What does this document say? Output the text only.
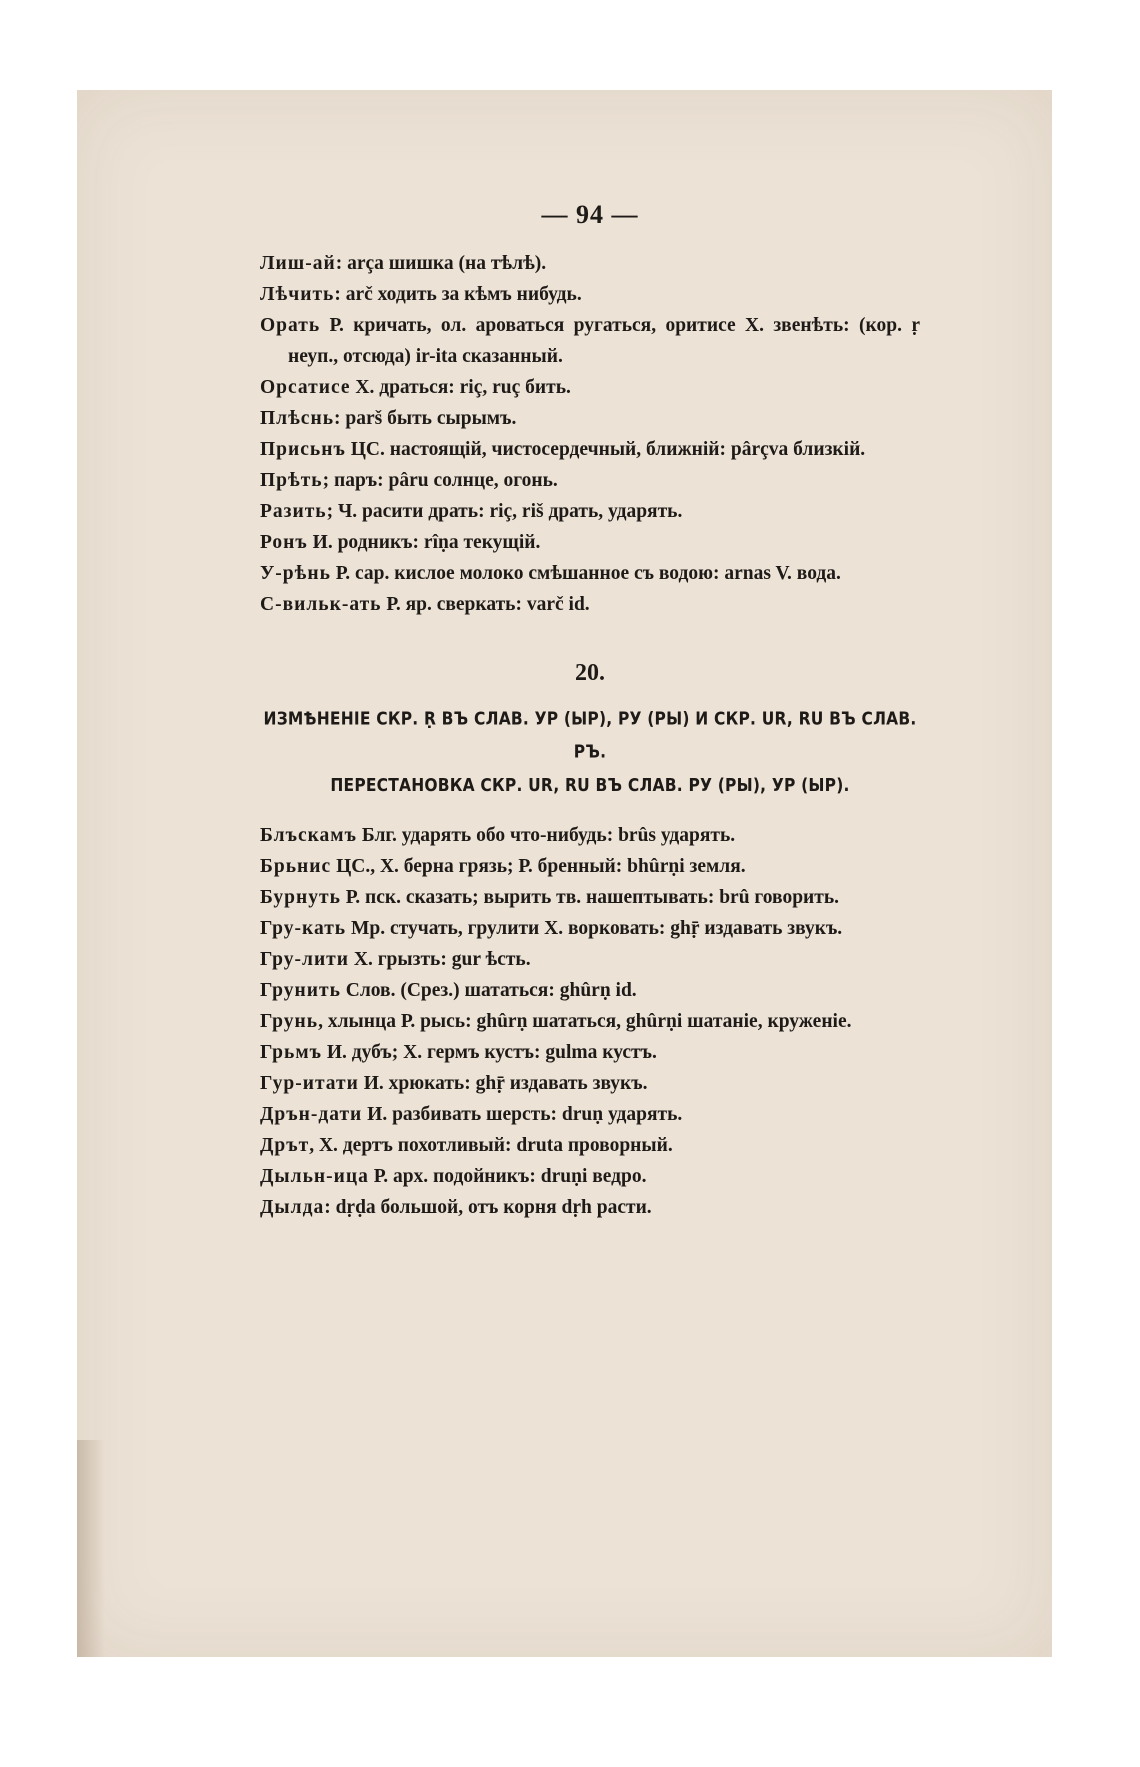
— 94 —

Лиш-ай: arça шишка (на тѣлѣ).

Лѣчить: arč ходить за кѣмъ нибудь.

Орать Р. кричать, ол. ароваться ругаться, оритисе Х. звенѣть: (кор. ṛ неуп., отсюда) ir-ita сказанный.

Орсатисе Х. драться: riç, ruç бить.

Плѣснь: parš быть сырымъ.

Присьнъ ЦС. настоящій, чистосердечный, ближній: pârçva близкій.

Прѣть; паръ: pâru солнце, огонь.

Разить; Ч. расити драть: riç, riš драть, ударять.

Ронъ И. родникъ: rîṇa текущій.

У-рѣнь Р. сар. кислое молоко смѣшанное съ водою: arnas V. вода.

С-вильк-ать Р. яр. сверкать: varč id.

20.
ИЗМѢНЕНІЕ СКР. Ṛ ВЪ СЛАВ. УР (ЫР), РУ (РЫ) И СКР. UR, RU ВЪ СЛАВ. РЪ.
ПЕРЕСТАНОВКА СКР. UR, RU ВЪ СЛАВ. РУ (РЫ), УР (ЫР).

Блъскамъ Блг. ударять обо что-нибудь: brûs ударять.

Брьнис ЦС., Х. берна грязь; Р. бренный: bhûrṇi земля.

Бурнуть Р. пск. сказать; вырить тв. нашептывать: brû говорить.

Гру-кать Мр. стучать, грулити Х. ворковать: ghṝ издавать звукъ.

Гру-лити Х. грызть: gur ѣсть.

Грунить Слов. (Срез.) шататься: ghûrṇ id.

Грунь, хлынца Р. рысь: ghûrṇ шататься, ghûrṇi шатаніе, круженіе.

Грьмъ И. дубъ; Х. гермъ кустъ: gulma кустъ.

Гур-итати И. хрюкать: ghṝ издавать звукъ.

Дрън-дати И. разбивать шерсть: druṇ ударять.

Дрът, Х. дертъ похотливый: druta проворный.

Дыльн-ица Р. арх. подойникъ: druṇi ведро.

Дылда: dṛḍa большой, отъ корня dṛh расти.
